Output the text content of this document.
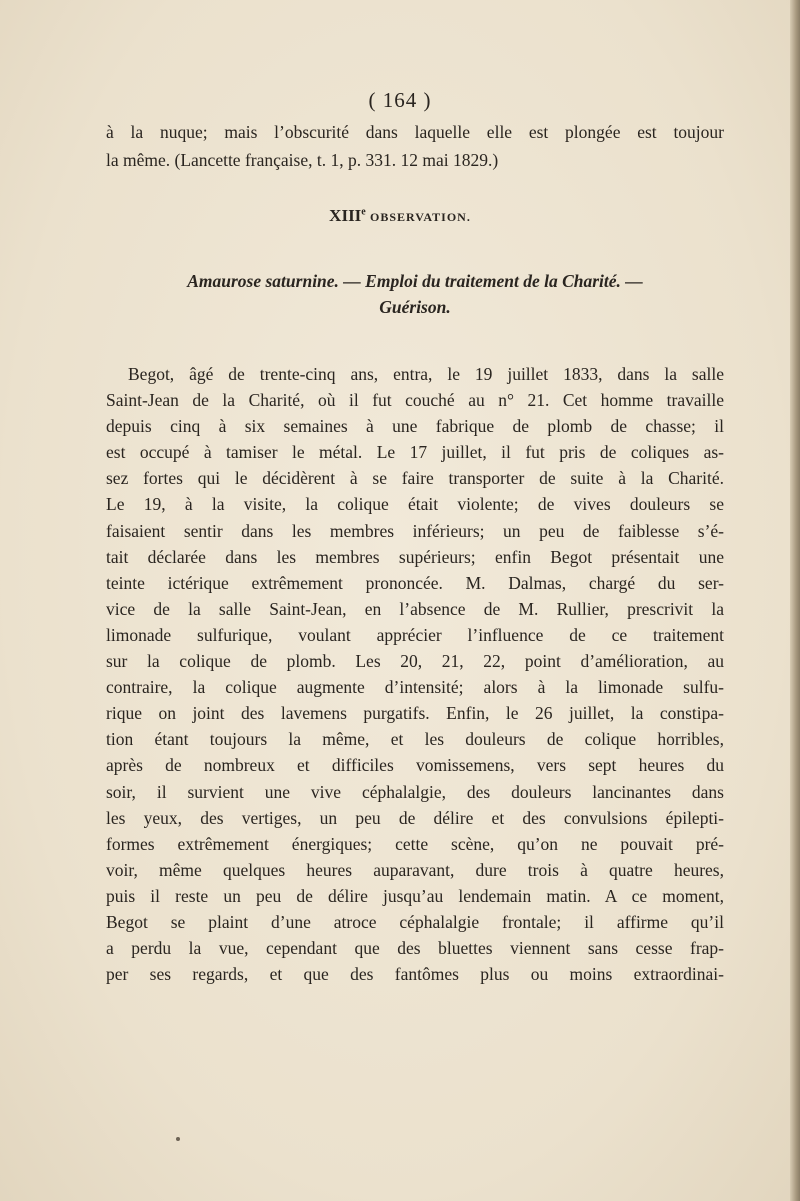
( 164 )
à la nuque; mais l’obscurité dans laquelle elle est plongée est toujour
la même. (Lancette française, t. 1, p. 331. 12 mai 1829.)
XIIIe OBSERVATION.
Amaurose saturnine. — Emploi du traitement de la Charité. —
Guérison.
Begot, âgé de trente-cinq ans, entra, le 19 juillet 1833, dans la salle
Saint-Jean de la Charité, où il fut couché au n° 21. Cet homme travaille
depuis cinq à six semaines à une fabrique de plomb de chasse; il
est occupé à tamiser le métal. Le 17 juillet, il fut pris de coliques as-
sez fortes qui le décidèrent à se faire transporter de suite à la Charité.
Le 19, à la visite, la colique était violente; de vives douleurs se
faisaient sentir dans les membres inférieurs; un peu de faiblesse s’é-
tait déclarée dans les membres supérieurs; enfin Begot présentait une
teinte ictérique extrêmement prononcée. M. Dalmas, chargé du ser-
vice de la salle Saint-Jean, en l’absence de M. Rullier, prescrivit la
limonade sulfurique, voulant apprécier l’influence de ce traitement
sur la colique de plomb. Les 20, 21, 22, point d’amélioration, au
contraire, la colique augmente d’intensité; alors à la limonade sulfu-
rique on joint des lavemens purgatifs. Enfin, le 26 juillet, la constipa-
tion étant toujours la même, et les douleurs de colique horribles,
après de nombreux et difficiles vomissemens, vers sept heures du
soir, il survient une vive céphalalgie, des douleurs lancinantes dans
les yeux, des vertiges, un peu de délire et des convulsions épilepti-
formes extrêmement énergiques; cette scène, qu’on ne pouvait pré-
voir, même quelques heures auparavant, dure trois à quatre heures,
puis il reste un peu de délire jusqu’au lendemain matin. A ce moment,
Begot se plaint d’une atroce céphalalgie frontale; il affirme qu’il
a perdu la vue, cependant que des bluettes viennent sans cesse frap-
per ses regards, et que des fantômes plus ou moins extraordinai-
